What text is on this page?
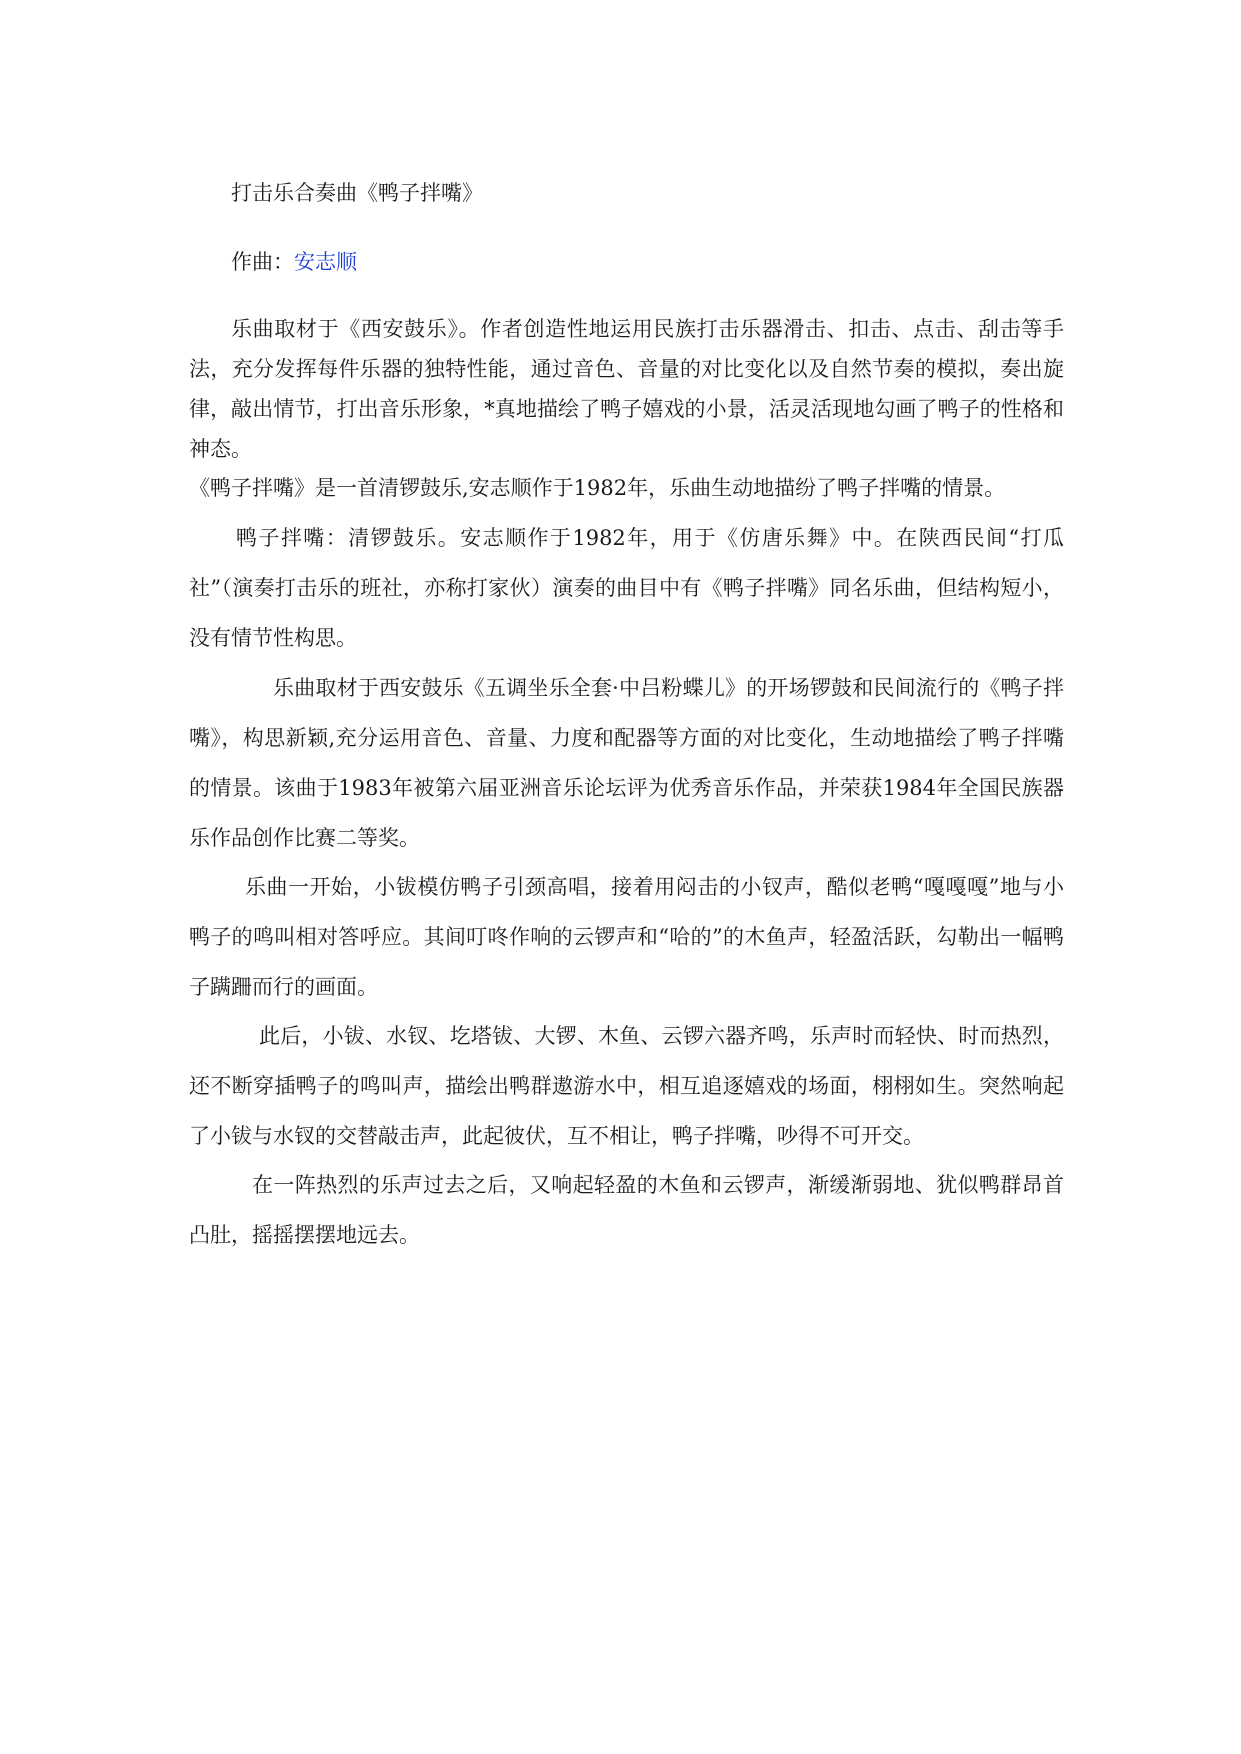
打击乐合奏曲《鸭子拌嘴》
作曲：安志顺
乐曲取材于《西安鼓乐》。作者创造性地运用民族打击乐器滑击、扣击、点击、刮击等手法，充分发挥每件乐器的独特性能，通过音色、音量的对比变化以及自然节奏的模拟，奏出旋律，敲出情节，打出音乐形象，*真地描绘了鸭子嬉戏的小景，活灵活现地勾画了鸭子的性格和神态。
《鸭子拌嘴》是一首清锣鼓乐,安志顺作于1982年，乐曲生动地描纷了鸭子拌嘴的情景。
鸭子拌嘴：清锣鼓乐。安志顺作于1982年，用于《仿唐乐舞》中。在陕西民间“打瓜社”（演奏打击乐的班社，亦称打家伙）演奏的曲目中有《鸭子拌嘴》同名乐曲，但结构短小，没有情节性构思。
乐曲取材于西安鼓乐《五调坐乐全套·中吕粉蝶儿》的开场锣鼓和民间流行的《鸭子拌嘴》，构思新颖,充分运用音色、音量、力度和配器等方面的对比变化，生动地描绘了鸭子拌嘴的情景。该曲于1983年被第六届亚洲音乐论坛评为优秀音乐作品，并荣获1984年全国民族器乐作品创作比赛二等奖。
乐曲一开始，小钹模仿鸭子引颈高唱，接着用闷击的小钗声，酷似老鸭“嘎嘎嘎”地与小鸭子的鸣叫相对答呼应。其间叮咚作响的云锣声和“哈的”的木鱼声，轻盈活跃，勾勒出一幅鸭子蹒跚而行的画面。
此后，小钹、水钗、圪塔钹、大锣、木鱼、云锣六器齐鸣，乐声时而轻快、时而热烈，还不断穿插鸭子的鸣叫声，描绘出鸭群遨游水中，相互追逐嬉戏的场面，栩栩如生。突然响起了小钹与水钗的交替敲击声，此起彼伏，互不相让，鸭子拌嘴，吵得不可开交。
在一阵热烈的乐声过去之后，又响起轻盈的木鱼和云锣声，渐缓渐弱地、犹似鸭群昂首凸肚，摇摇摆摆地远去。
